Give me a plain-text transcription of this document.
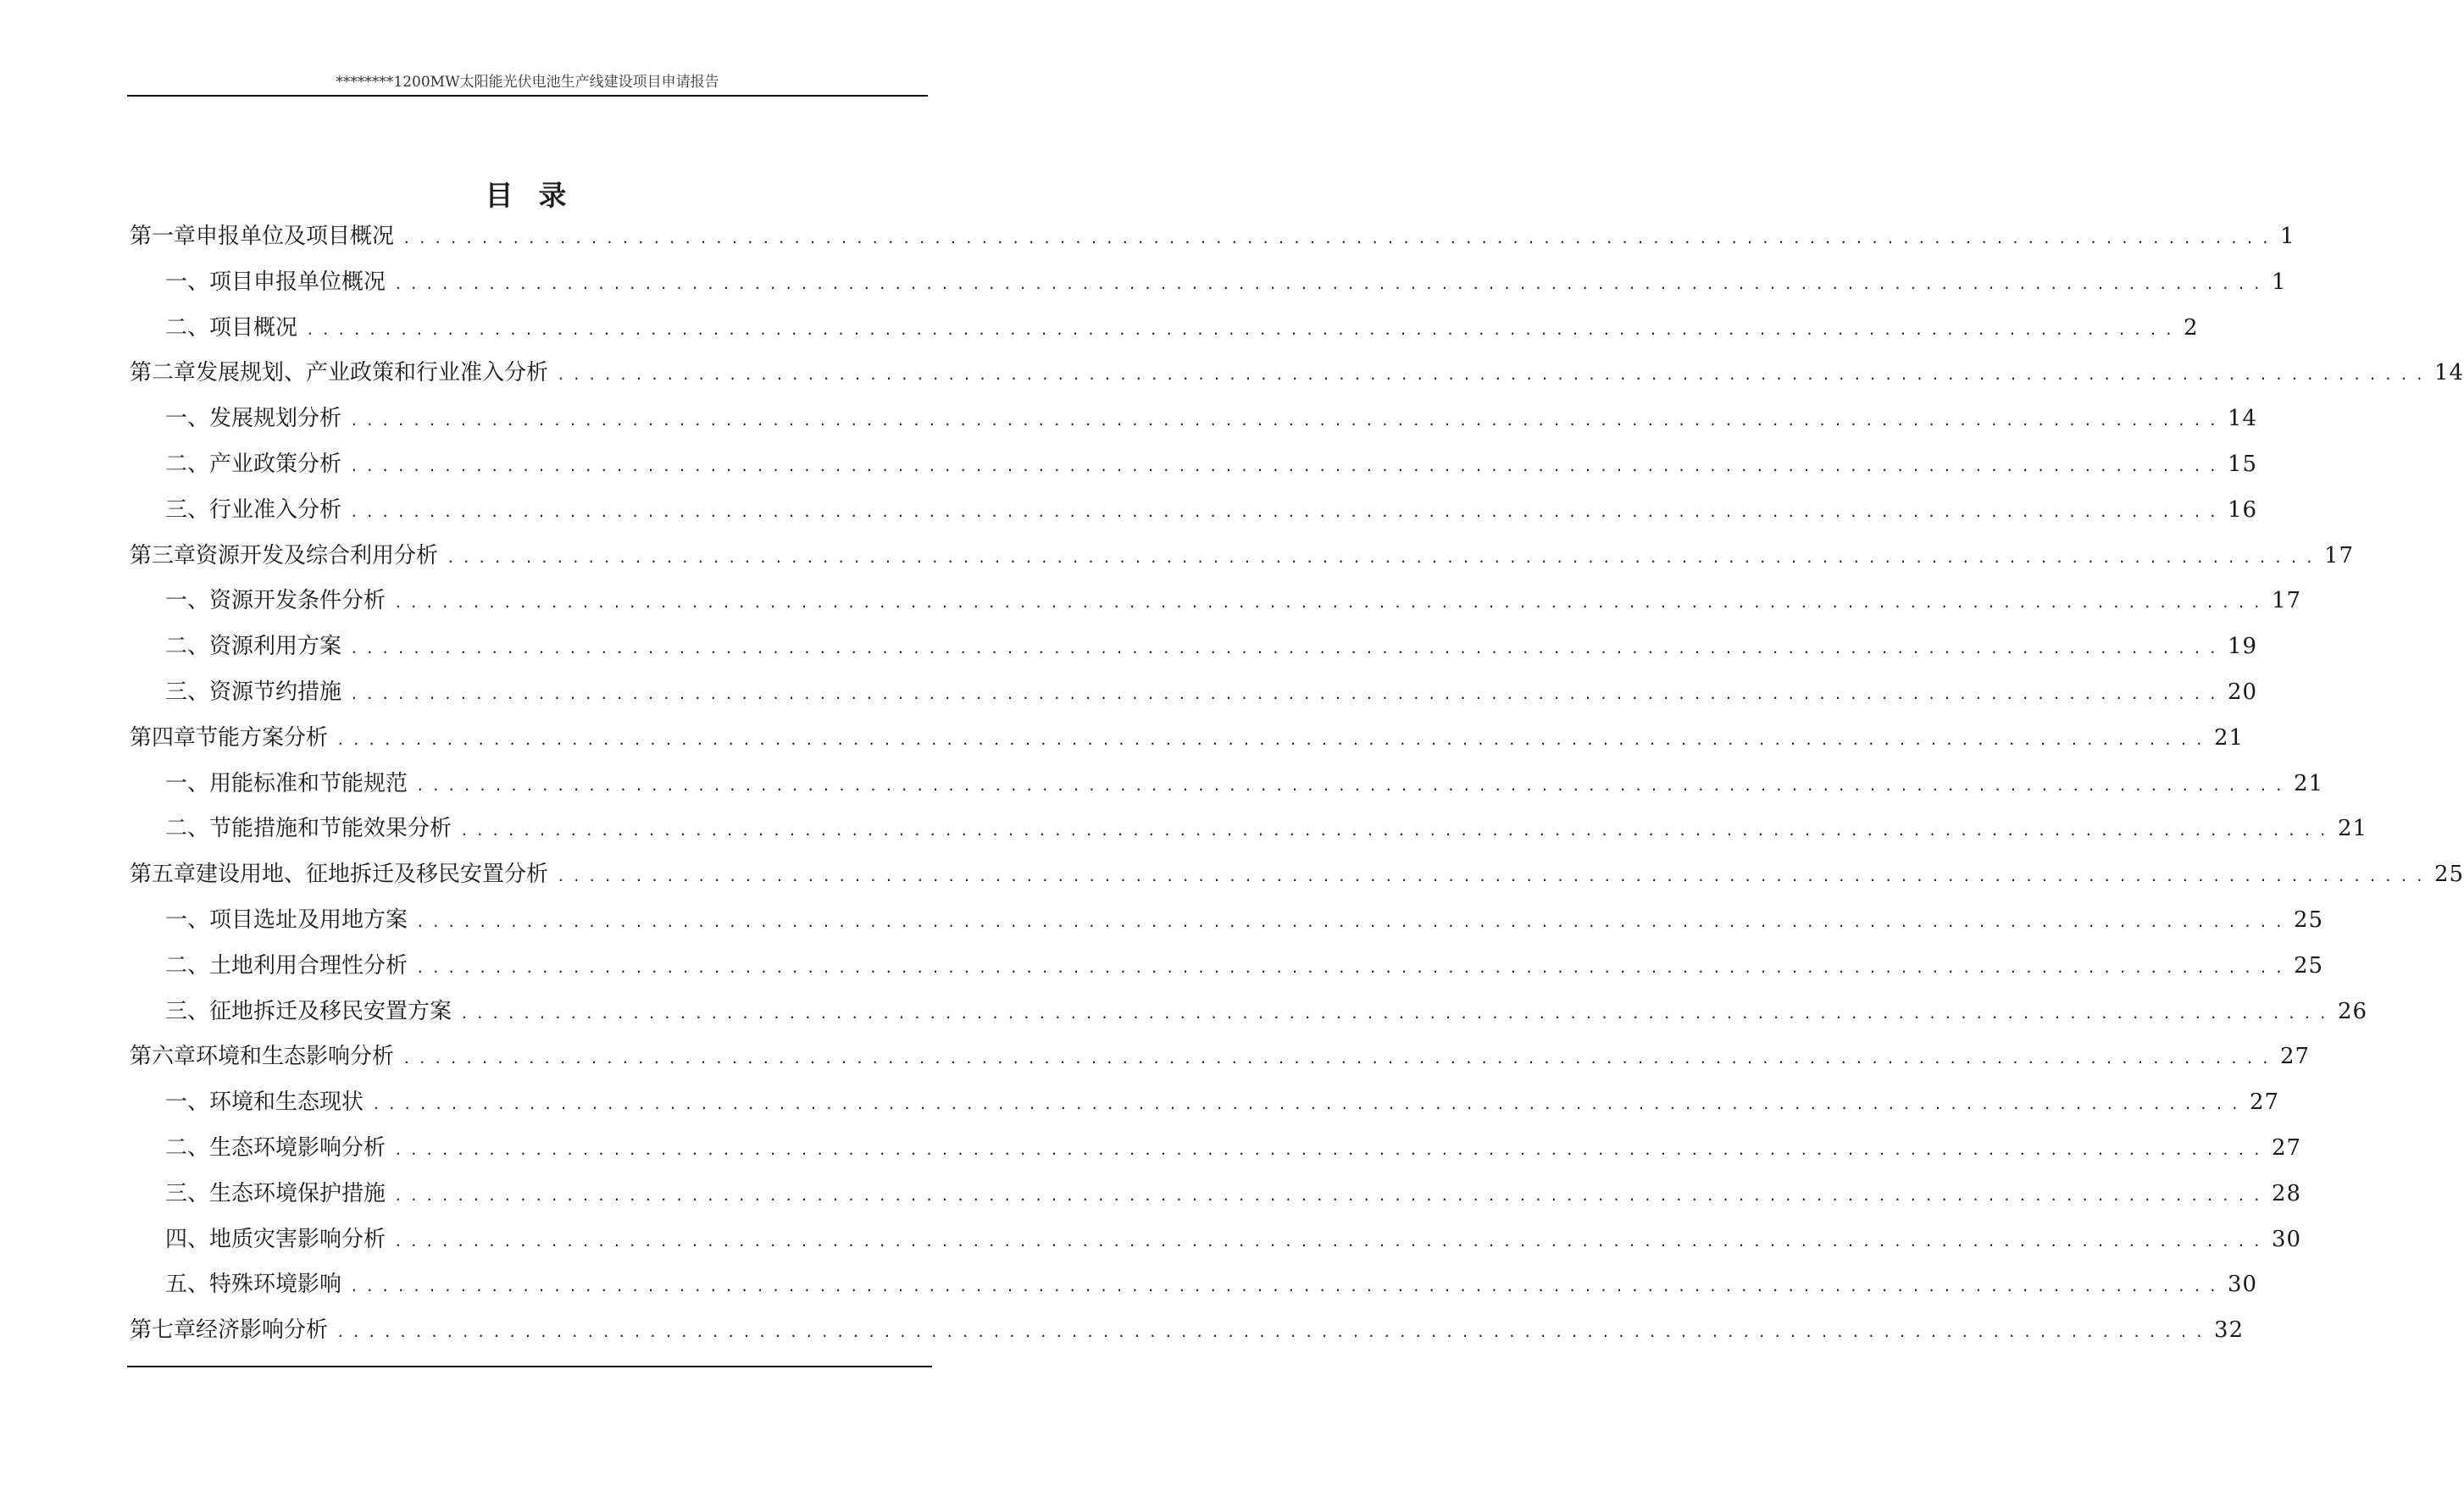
********1200MW太阳能光伏电池生产线建设项目申请报告
目录
第一章 申报单位及项目概况 ........................................................................................................................ 1
一、项目申报单位概况 ........................................................................................................................ 1
二、项目概况 ........................................................................................................................ 2
第二章 发展规划、产业政策和行业准入分析 ........................................................................................................................ 14
一、发展规划分析 ........................................................................................................................ 14
二、产业政策分析 ........................................................................................................................ 15
三、行业准入分析 ........................................................................................................................ 16
第三章 资源开发及综合利用分析 ........................................................................................................................ 17
一、资源开发条件分析 ........................................................................................................................ 17
二、资源利用方案 ........................................................................................................................ 19
三、资源节约措施 ........................................................................................................................ 20
第四章 节能方案分析 ........................................................................................................................ 21
一、用能标准和节能规范 ........................................................................................................................ 21
二、节能措施和节能效果分析 ........................................................................................................................ 21
第五章 建设用地、征地拆迁及移民安置分析 ........................................................................................................................ 25
一、项目选址及用地方案 ........................................................................................................................ 25
二、土地利用合理性分析 ........................................................................................................................ 25
三、征地拆迁及移民安置方案 ........................................................................................................................ 26
第六章 环境和生态影响分析 ........................................................................................................................ 27
一、环境和生态现状 ........................................................................................................................ 27
二、生态环境影响分析 ........................................................................................................................ 27
三、生态环境保护措施 ........................................................................................................................ 28
四、地质灾害影响分析 ........................................................................................................................ 30
五、特殊环境影响 ........................................................................................................................ 30
第七章 经济影响分析 ........................................................................................................................ 32
